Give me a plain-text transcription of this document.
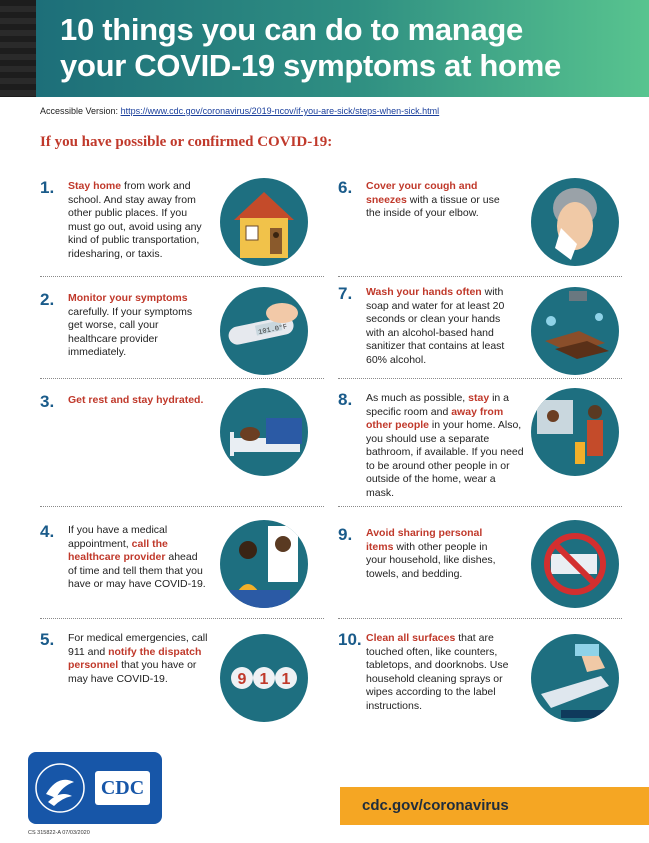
10 things you can do to manage
your COVID-19 symptoms at home
Accessible Version: https://www.cdc.gov/coronavirus/2019-ncov/if-you-are-sick/steps-when-sick.html
If you have possible or confirmed COVID-19:
1. Stay home from work and school. And stay away from other public places. If you must go out, avoid using any kind of public transportation, ridesharing, or taxis.
2. Monitor your symptoms carefully. If your symptoms get worse, call your healthcare provider immediately.
101.0°F
3. Get rest and stay hydrated.
4. If you have a medical appointment, call the healthcare provider ahead of time and tell them that you have or may have COVID-19.
5. For medical emergencies, call 911 and notify the dispatch personnel that you have or may have COVID-19.	9 1 1
6. Cover your cough and sneezes with a tissue or use the inside of your elbow.
7. Wash your hands often with soap and water for at least 20 seconds or clean your hands with an alcohol-based hand sanitizer that contains at least 60% alcohol.
8. As much as possible, stay in a specific room and away from other people in your home. Also, you should use a separate bathroom, if available. If you need to be around other people in or outside of the home, wear a mask.
9. Avoid sharing personal items with other people in your household, like dishes, towels, and bedding.
10. Clean all surfaces that are touched often, like counters, tabletops, and doorknobs. Use household cleaning sprays or wipes according to the label instructions.
CDC
cdc.gov/coronavirus
CS 315822-A 07/03/2020
